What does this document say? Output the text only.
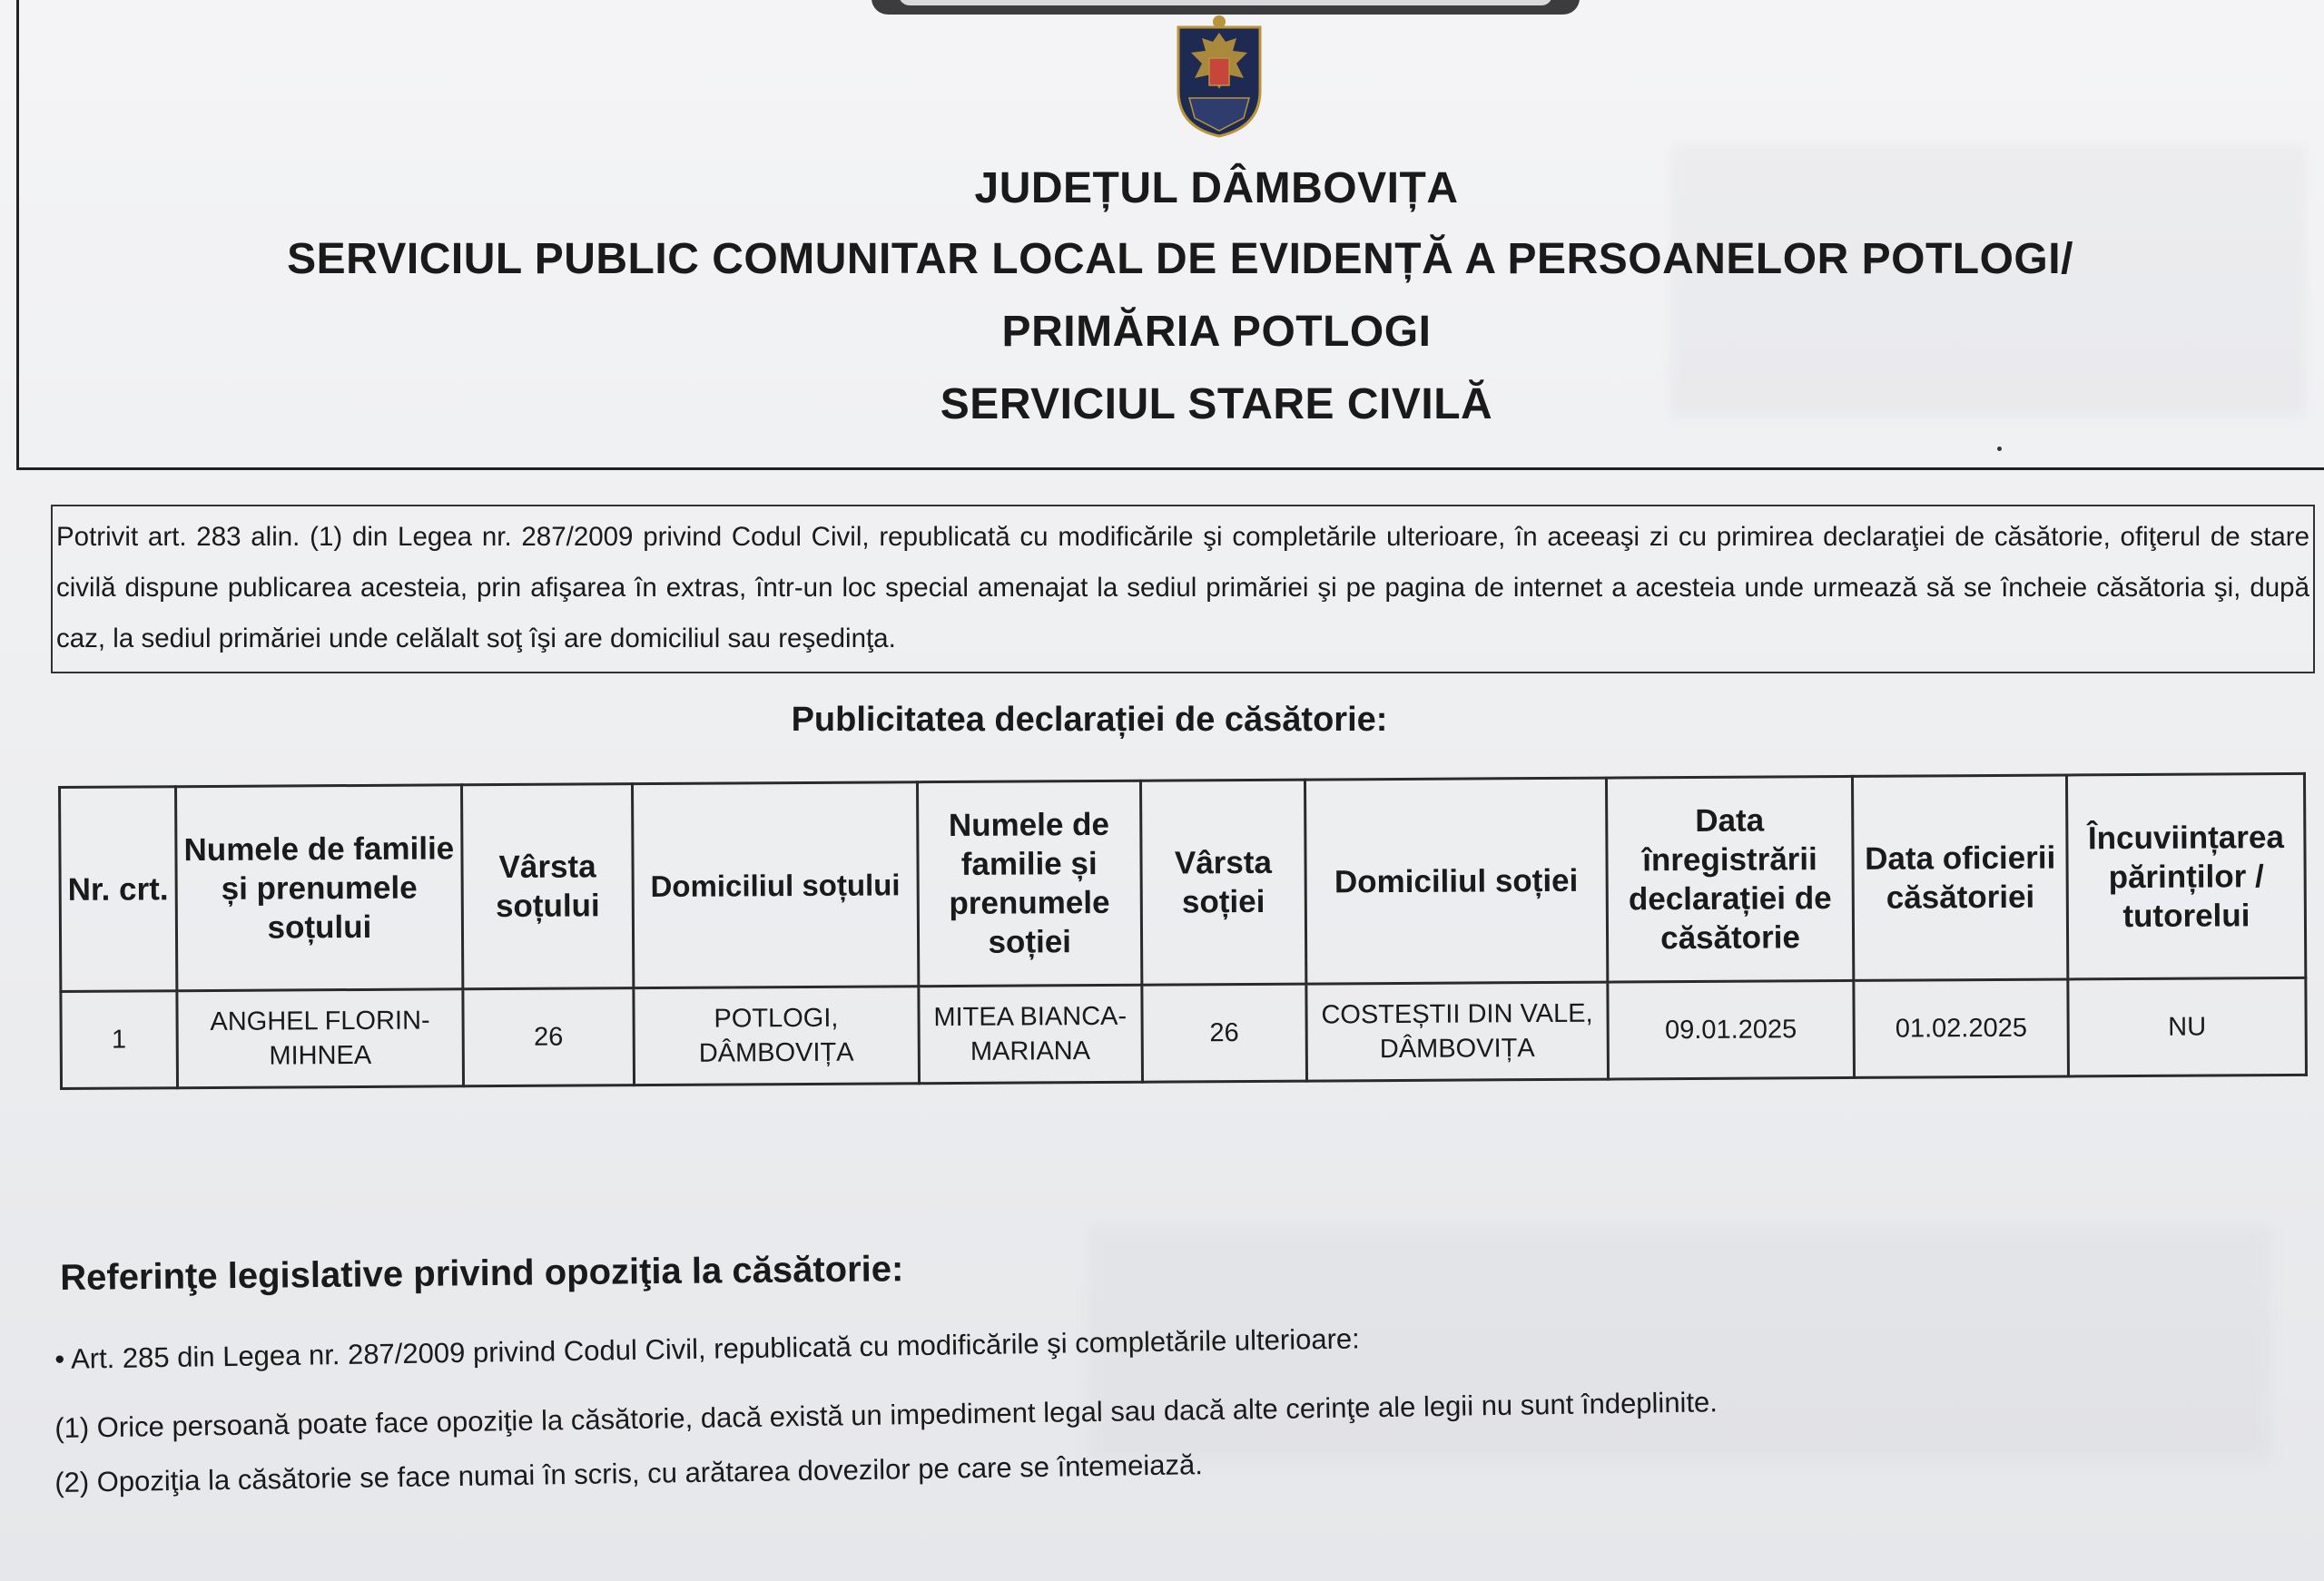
JUDEȚUL DÂMBOVIȚA
SERVICIUL PUBLIC COMUNITAR LOCAL DE EVIDENȚĂ A PERSOANELOR POTLOGI/
PRIMĂRIA POTLOGI
SERVICIUL STARE CIVILĂ
Potrivit art. 283 alin. (1) din Legea nr. 287/2009 privind Codul Civil, republicată cu modificările şi completările ulterioare, în aceeaşi zi cu primirea declaraţiei de căsătorie, ofiţerul de stare civilă dispune publicarea acesteia, prin afişarea în extras, într-un loc special amenajat la sediul primăriei şi pe pagina de internet a acesteia unde urmează să se încheie căsătoria şi, după caz, la sediul primăriei unde celălalt soţ îşi are domiciliul sau reşedinţa.
Publicitatea declarației de căsătorie:
Nr. crt.	Numele de familie și prenumele soțului	Vârsta soțului	Domiciliul soțului	Numele de familie și prenumele soției	Vârsta soției	Domiciliul soției	Data înregistrării declarației de căsătorie	Data oficierii căsătoriei	Încuviințarea părinților / tutorelui
1	ANGHEL FLORIN-MIHNEA	26	POTLOGI, DÂMBOVIȚA	MITEA BIANCA-MARIANA	26	COSTEȘTII DIN VALE, DÂMBOVIȚA	09.01.2025	01.02.2025	NU
Referinţe legislative privind opoziţia la căsătorie:
• Art. 285 din Legea nr. 287/2009 privind Codul Civil, republicată cu modificările şi completările ulterioare:
(1) Orice persoană poate face opoziţie la căsătorie, dacă există un impediment legal sau dacă alte cerinţe ale legii nu sunt îndeplinite.
(2) Opoziţia la căsătorie se face numai în scris, cu arătarea dovezilor pe care se întemeiază.
